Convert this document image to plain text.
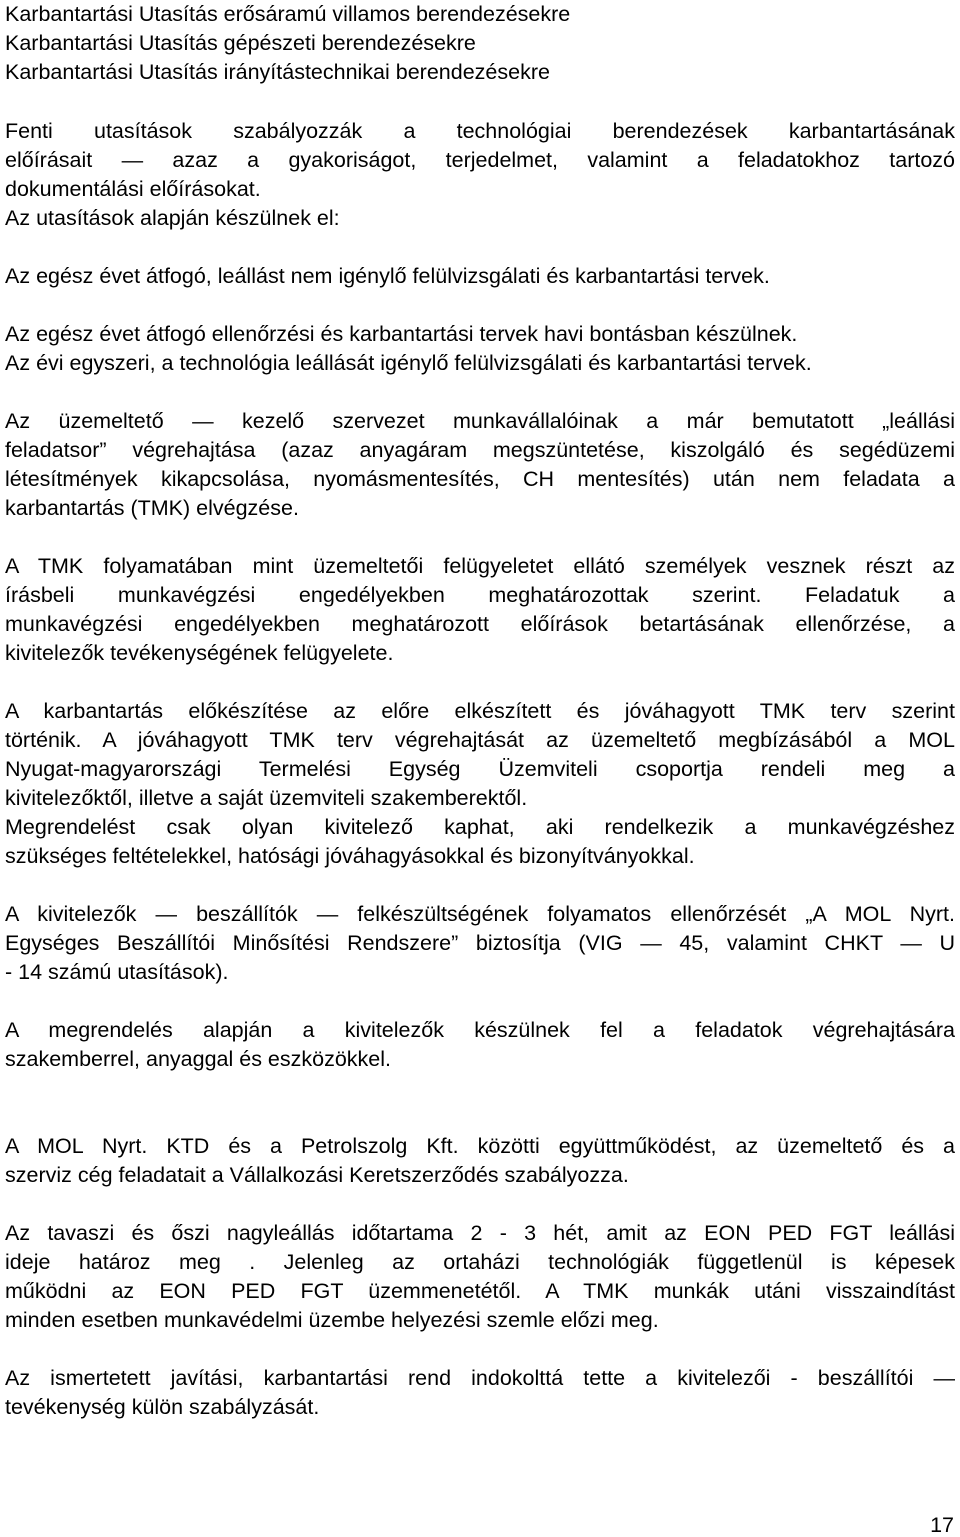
Karbantartási Utasítás erősáramú villamos berendezésekre
Karbantartási Utasítás gépészeti berendezésekre
Karbantartási Utasítás irányítástechnikai berendezésekre
Fenti utasítások szabályozzák a technológiai berendezések karbantartásának
előírásait — azaz a gyakoriságot, terjedelmet, valamint a feladatokhoz tartozó
dokumentálási előírásokat.
Az utasítások alapján készülnek el:
Az egész évet átfogó, leállást nem igénylő felülvizsgálati és karbantartási tervek.
Az egész évet átfogó ellenőrzési és karbantartási tervek havi bontásban készülnek.
Az évi egyszeri, a technológia leállását igénylő felülvizsgálati és karbantartási tervek.
Az üzemeltető — kezelő szervezet munkavállalóinak a már bemutatott „leállási
feladatsor” végrehajtása (azaz anyagáram megszüntetése, kiszolgáló és segédüzemi
létesítmények kikapcsolása, nyomásmentesítés, CH mentesítés) után nem feladata a
karbantartás (TMK) elvégzése.
A TMK folyamatában mint üzemeltetői felügyeletet ellátó személyek vesznek részt az
írásbeli munkavégzési engedélyekben meghatározottak szerint. Feladatuk a
munkavégzési engedélyekben meghatározott előírások betartásának ellenőrzése, a
kivitelezők tevékenységének felügyelete.
A karbantartás előkészítése az előre elkészített és jóváhagyott TMK terv szerint
történik. A jóváhagyott TMK terv végrehajtását az üzemeltető megbízásából a MOL
Nyugat-magyarországi Termelési Egység Üzemviteli csoportja rendeli meg a
kivitelezőktől, illetve a saját üzemviteli szakemberektől.
Megrendelést csak olyan kivitelező kaphat, aki rendelkezik a munkavégzéshez
szükséges feltételekkel, hatósági jóváhagyásokkal és bizonyítványokkal.
A kivitelezők — beszállítók — felkészültségének folyamatos ellenőrzését „A MOL Nyrt.
Egységes Beszállítói Minősítési Rendszere” biztosítja (VIG — 45, valamint CHKT — U
- 14 számú utasítások).
A megrendelés alapján a kivitelezők készülnek fel a feladatok végrehajtására
szakemberrel, anyaggal és eszközökkel.
A MOL Nyrt. KTD és a Petrolszolg Kft. közötti együttműködést, az üzemeltető és a
szerviz cég feladatait a Vállalkozási Keretszerződés szabályozza.
Az tavaszi és őszi nagyleállás időtartama 2 - 3 hét, amit az EON PED FGT leállási
ideje határoz meg . Jelenleg az ortaházi technológiák függetlenül is képesek
működni az EON PED FGT üzemmenetétől. A TMK munkák utáni visszaindítást
minden esetben munkavédelmi üzembe helyezési szemle előzi meg.
Az ismertetett javítási, karbantartási rend indokolttá tette a kivitelezői - beszállítói —
tevékenység külön szabályzását.
17
